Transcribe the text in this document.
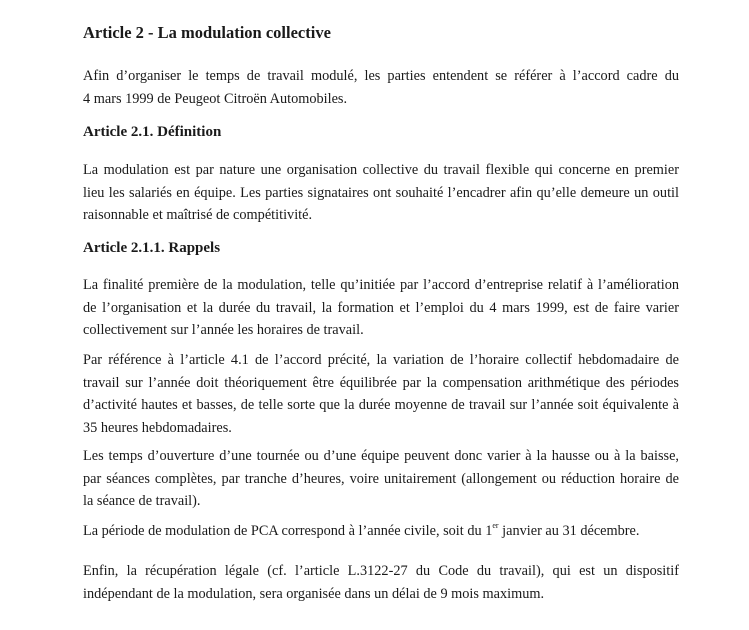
Article 2 - La modulation collective

Afin d’organiser le temps de travail modulé, les parties entendent se référer à l’accord cadre du
4 mars 1999 de Peugeot Citroën Automobiles.

Article 2.1. Définition

La modulation est par nature une organisation collective du travail flexible qui concerne en premier
lieu les salariés en équipe. Les parties signataires ont souhaité l’encadrer afin qu’elle demeure un outil
raisonnable et maîtrisé de compétitivité.

Article 2.1.1. Rappels

La finalité première de la modulation, telle qu’initiée par l’accord d’entreprise relatif à l’amélioration
de l’organisation et la durée du travail, la formation et l’emploi du 4 mars 1999, est de faire varier
collectivement sur l’année les horaires de travail.

Par référence à l’article 4.1 de l’accord précité, la variation de l’horaire collectif hebdomadaire de
travail sur l’année doit théoriquement être équilibrée par la compensation arithmétique des périodes
d’activité hautes et basses, de telle sorte que la durée moyenne de travail sur l’année soit équivalente à
35 heures hebdomadaires.

Les temps d’ouverture d’une tournée ou d’une équipe peuvent donc varier à la hausse ou à la baisse,
par séances complètes, par tranche d’heures, voire unitairement (allongement ou réduction horaire de
la séance de travail).

La période de modulation de PCA correspond à l’année civile, soit du 1er janvier au 31 décembre.

Enfin, la récupération légale (cf. l’article L.3122-27 du Code du travail), qui est un dispositif
indépendant de la modulation, sera organisée dans un délai de 9 mois maximum.
